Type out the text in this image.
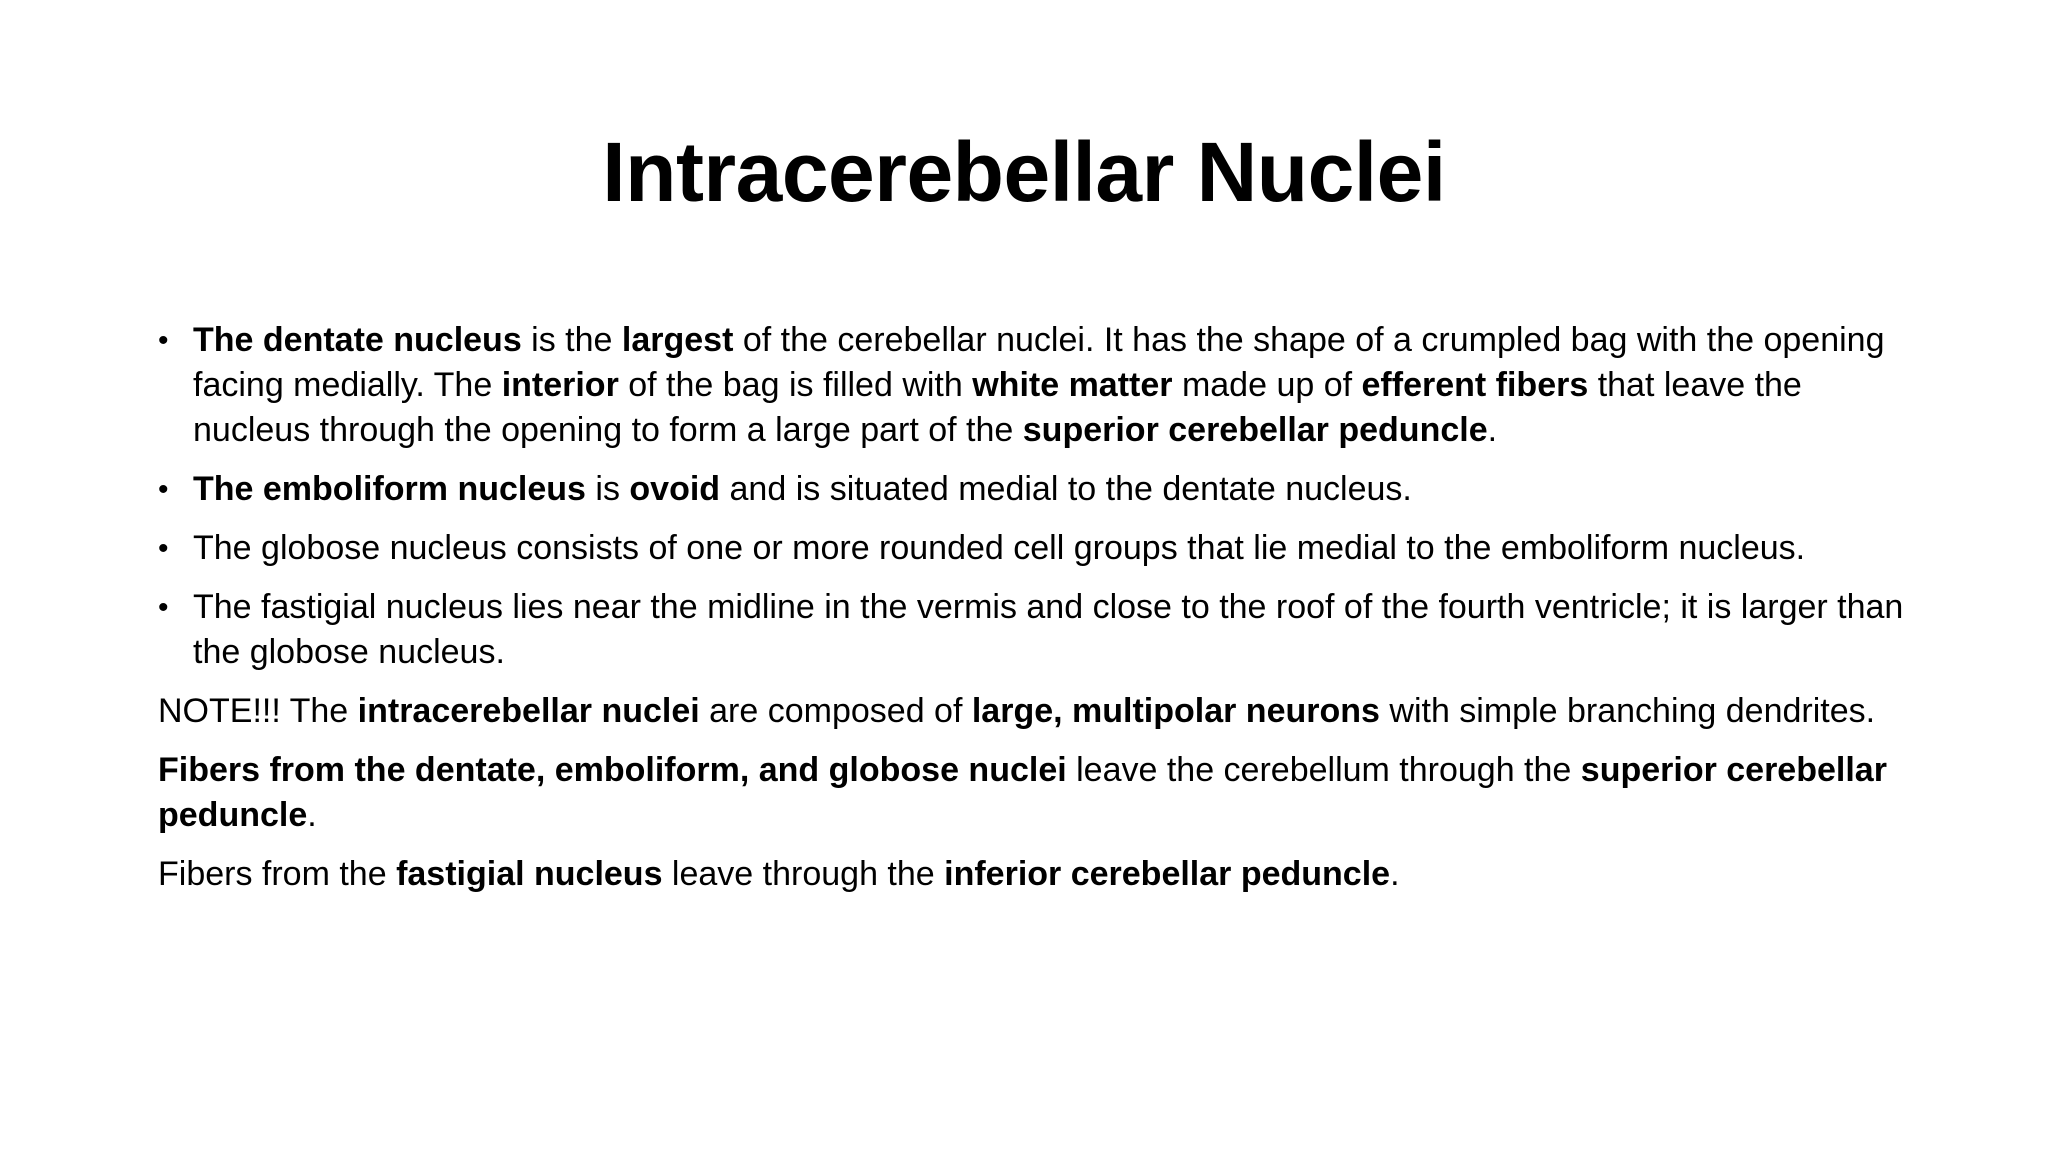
Intracerebellar Nuclei
• The dentate nucleus is the largest of the cerebellar nuclei. It has the shape of a crumpled bag with the opening facing medially. The interior of the bag is filled with white matter made up of efferent fibers that leave the nucleus through the opening to form a large part of the superior cerebellar peduncle.
• The emboliform nucleus is ovoid and is situated medial to the dentate nucleus.
• The globose nucleus consists of one or more rounded cell groups that lie medial to the emboliform nucleus.
• The fastigial nucleus lies near the midline in the vermis and close to the roof of the fourth ventricle; it is larger than the globose nucleus.

NOTE!!! The intracerebellar nuclei are composed of large, multipolar neurons with simple branching dendrites.

Fibers from the dentate, emboliform, and globose nuclei leave the cerebellum through the superior cerebellar peduncle.

Fibers from the fastigial nucleus leave through the inferior cerebellar peduncle.
